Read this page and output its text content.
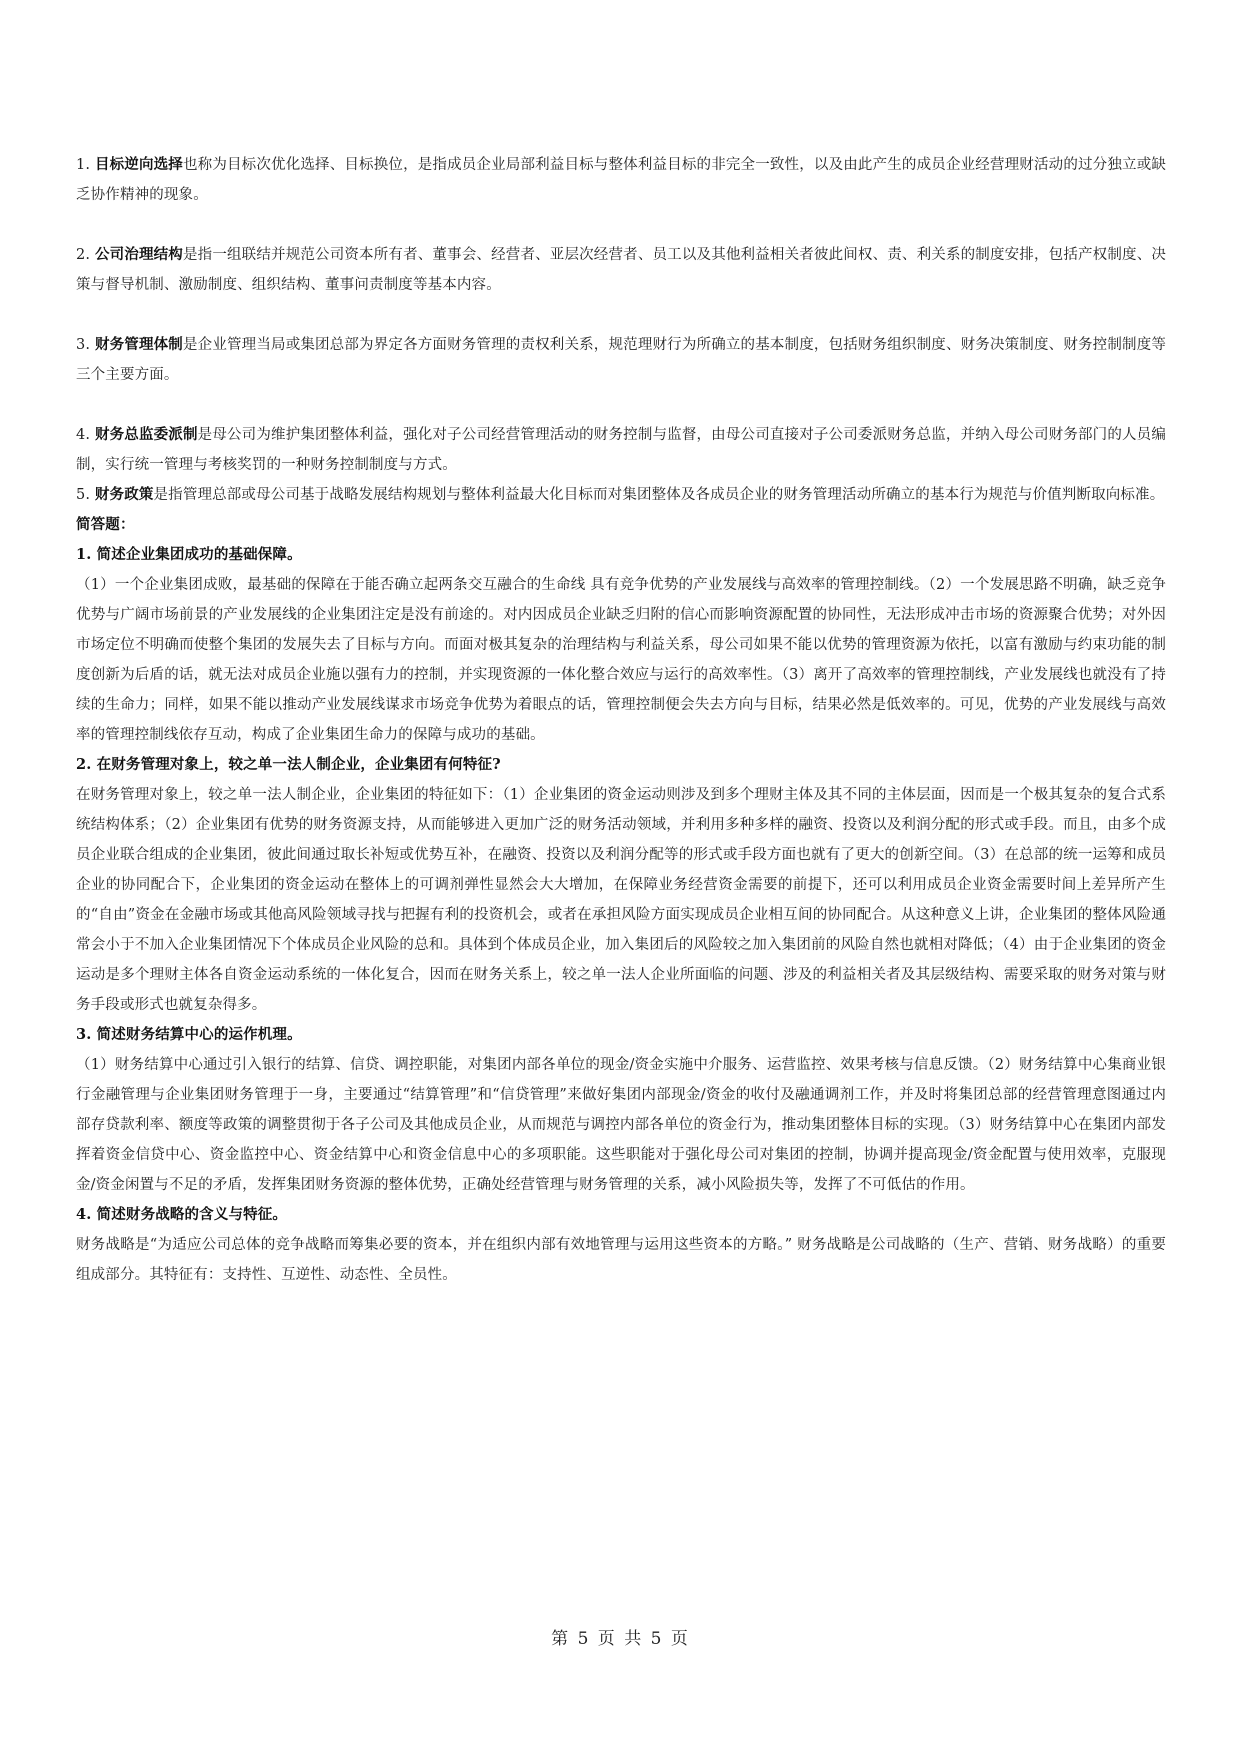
1. 目标逆向选择也称为目标次优化选择、目标换位，是指成员企业局部利益目标与整体利益目标的非完全一致性，以及由此产生的成员企业经营理财活动的过分独立或缺乏协作精神的现象。

2. 公司治理结构是指一组联结并规范公司资本所有者、董事会、经营者、亚层次经营者、员工以及其他利益相关者彼此间权、责、利关系的制度安排，包括产权制度、决策与督导机制、激励制度、组织结构、董事问责制度等基本内容。

3. 财务管理体制是企业管理当局或集团总部为界定各方面财务管理的责权利关系，规范理财行为所确立的基本制度，包括财务组织制度、财务决策制度、财务控制制度等三个主要方面。

4. 财务总监委派制是母公司为维护集团整体利益，强化对子公司经营管理活动的财务控制与监督，由母公司直接对子公司委派财务总监，并纳入母公司财务部门的人员编制，实行统一管理与考核奖罚的一种财务控制制度与方式。

5. 财务政策是指管理总部或母公司基于战略发展结构规划与整体利益最大化目标而对集团整体及各成员企业的财务管理活动所确立的基本行为规范与价值判断取向标准。

简答题：

1. 简述企业集团成功的基础保障。

（1）一个企业集团成败，最基础的保障在于能否确立起两条交互融合的生命线 具有竞争优势的产业发展线与高效率的管理控制线。（2）一个发展思路不明确，缺乏竞争优势与广阔市场前景的产业发展线的企业集团注定是没有前途的。对内因成员企业缺乏归附的信心而影响资源配置的协同性，无法形成冲击市场的资源聚合优势；对外因市场定位不明确而使整个集团的发展失去了目标与方向。而面对极其复杂的治理结构与利益关系，母公司如果不能以优势的管理资源为依托，以富有激励与约束功能的制度创新为后盾的话，就无法对成员企业施以强有力的控制，并实现资源的一体化整合效应与运行的高效率性。（3）离开了高效率的管理控制线，产业发展线也就没有了持续的生命力；同样，如果不能以推动产业发展线谋求市场竞争优势为着眼点的话，管理控制便会失去方向与目标，结果必然是低效率的。可见，优势的产业发展线与高效率的管理控制线依存互动，构成了企业集团生命力的保障与成功的基础。

2. 在财务管理对象上，较之单一法人制企业，企业集团有何特征?

在财务管理对象上，较之单一法人制企业，企业集团的特征如下：（1）企业集团的资金运动则涉及到多个理财主体及其不同的主体层面，因而是一个极其复杂的复合式系统结构体系；（2）企业集团有优势的财务资源支持，从而能够进入更加广泛的财务活动领域，并利用多种多样的融资、投资以及利润分配的形式或手段。而且，由多个成员企业联合组成的企业集团，彼此间通过取长补短或优势互补，在融资、投资以及利润分配等的形式或手段方面也就有了更大的创新空间。（3）在总部的统一运筹和成员企业的协同配合下，企业集团的资金运动在整体上的可调剂弹性显然会大大增加，在保障业务经营资金需要的前提下，还可以利用成员企业资金需要时间上差异所产生的“自由”资金在金融市场或其他高风险领域寻找与把握有利的投资机会，或者在承担风险方面实现成员企业相互间的协同配合。从这种意义上讲，企业集团的整体风险通常会小于不加入企业集团情况下个体成员企业风险的总和。具体到个体成员企业，加入集团后的风险较之加入集团前的风险自然也就相对降低；（4）由于企业集团的资金运动是多个理财主体各自资金运动系统的一体化复合，因而在财务关系上，较之单一法人企业所面临的问题、涉及的利益相关者及其层级结构、需要采取的财务对策与财务手段或形式也就复杂得多。

3. 简述财务结算中心的运作机理。

（1）财务结算中心通过引入银行的结算、信贷、调控职能，对集团内部各单位的现金/资金实施中介服务、运营监控、效果考核与信息反馈。（2）财务结算中心集商业银行金融管理与企业集团财务管理于一身，主要通过“结算管理”和“信贷管理”来做好集团内部现金/资金的收付及融通调剂工作，并及时将集团总部的经营管理意图通过内部存贷款利率、额度等政策的调整贯彻于各子公司及其他成员企业，从而规范与调控内部各单位的资金行为，推动集团整体目标的实现。（3）财务结算中心在集团内部发挥着资金信贷中心、资金监控中心、资金结算中心和资金信息中心的多项职能。这些职能对于强化母公司对集团的控制，协调并提高现金/资金配置与使用效率，克服现金/资金闲置与不足的矛盾，发挥集团财务资源的整体优势，正确处经营管理与财务管理的关系，减小风险损失等，发挥了不可低估的作用。

4. 简述财务战略的含义与特征。

财务战略是“为适应公司总体的竞争战略而筹集必要的资本，并在组织内部有效地管理与运用这些资本的方略。” 财务战略是公司战略的（生产、营销、财务战略）的重要组成部分。其特征有：支持性、互逆性、动态性、全员性。

第 5 页 共 5 页
